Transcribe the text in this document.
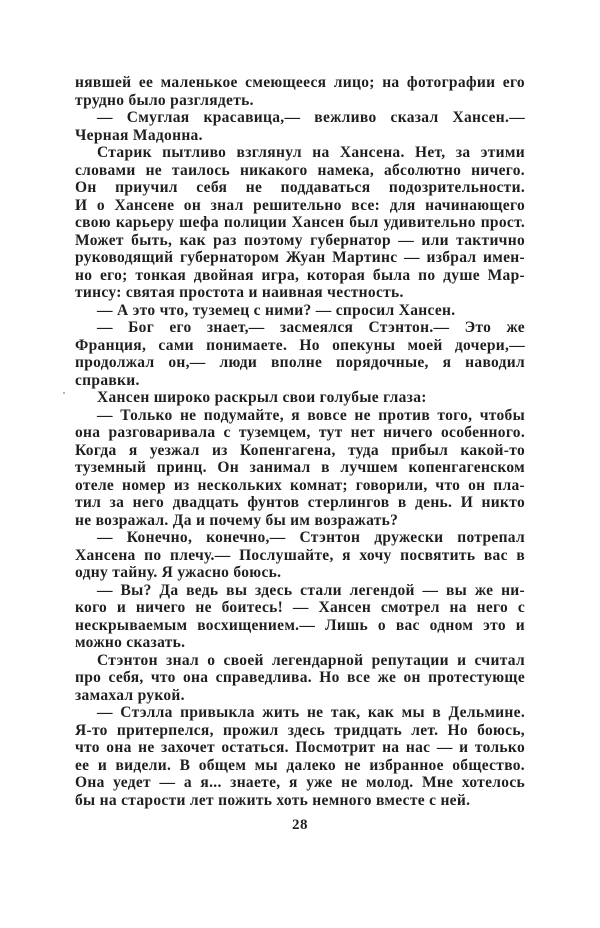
нявшей ее маленькое смеющееся лицо; на фотографии его
трудно было разглядеть.
— Смуглая красавица,— вежливо сказал Хансен.—
Черная Мадонна.
Старик пытливо взглянул на Хансена. Нет, за этими
словами не таилось никакого намека, абсолютно ничего.
Он приучил себя не поддаваться подозрительности.
И о Хансене он знал решительно все: для начинающего
свою карьеру шефа полиции Хансен был удивительно прост.
Может быть, как раз поэтому губернатор — или тактично
руководящий губернатором Жуан Мартинс — избрал имен-
но его; тонкая двойная игра, которая была по душе Мар-
тинсу: святая простота и наивная честность.
— А это что, туземец с ними? — спросил Хансен.
— Бог его знает,— засмеялся Стэнтон.— Это же
Франция, сами понимаете. Но опекуны моей дочери,—
продолжал он,— люди вполне порядочные, я наводил
справки.
Хансен широко раскрыл свои голубые глаза:
— Только не подумайте, я вовсе не против того, чтобы
она разговаривала с туземцем, тут нет ничего особенного.
Когда я уезжал из Копенгагена, туда прибыл какой-то
туземный принц. Он занимал в лучшем копенгагенском
отеле номер из нескольких комнат; говорили, что он пла-
тил за него двадцать фунтов стерлингов в день. И никто
не возражал. Да и почему бы им возражать?
— Конечно, конечно,— Стэнтон дружески потрепал
Хансена по плечу.— Послушайте, я хочу посвятить вас в
одну тайну. Я ужасно боюсь.
— Вы? Да ведь вы здесь стали легендой — вы же ни-
кого и ничего не боитесь! — Хансен смотрел на него с
нескрываемым восхищением.— Лишь о вас одном это и
можно сказать.
Стэнтон знал о своей легендарной репутации и считал
про себя, что она справедлива. Но все же он протестующе
замахал рукой.
— Стэлла привыкла жить не так, как мы в Дельмине.
Я-то притерпелся, прожил здесь тридцать лет. Но боюсь,
что она не захочет остаться. Посмотрит на нас — и только
ее и видели. В общем мы далеко не избранное общество.
Она уедет — а я... знаете, я уже не молод. Мне хотелось
бы на старости лет пожить хоть немного вместе с ней.
28
